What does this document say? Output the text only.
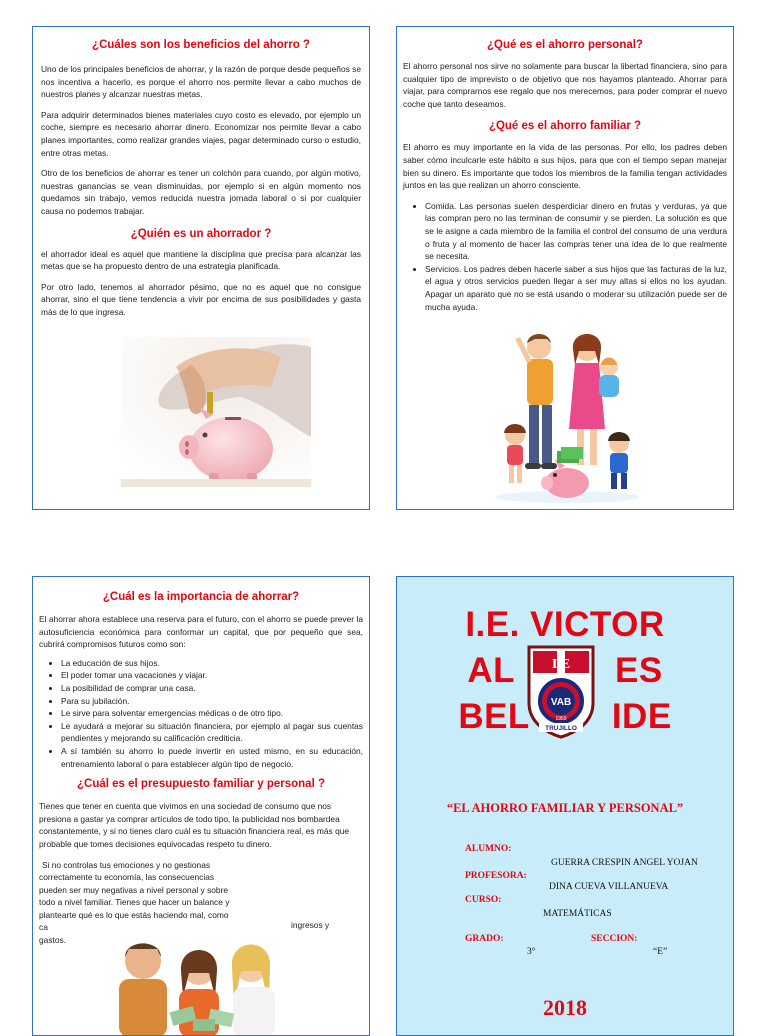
¿Cuáles son los beneficios del ahorro ?

Uno de los principales beneficios de ahorrar, y la razón de porque desde pequeños se nos incentiva a hacerlo, es porque el ahorro nos permite llevar a cabo muchos de nuestros planes y alcanzar nuestras metas.

Para adquirir determinados bienes materiales cuyo costo es elevado, por ejemplo un coche, siempre es necesario ahorrar dinero. Economizar nos permite llevar a cabo planes importantes, como realizar grandes viajes, pagar determinado curso o estudio, entre otras metas.

Otro de los beneficios de ahorrar es tener un colchón para cuando, por algún motivo, nuestras ganancias se vean disminuidas, por ejemplo si en algún momento nos quedamos sin trabajo, vemos reducida nuestra jornada laboral o si por cualquier causa no podemos trabajar.

¿Quién es un ahorrador ?

el ahorrador ideal es aquel que mantiene la disciplina que precisa para alcanzar las metas que se ha propuesto dentro de una estrategia planificada.

Por otro lado, tenemos al ahorrador pésimo, que no es aquel que no consigue ahorrar, sino el que tiene tendencia a vivir por encima de sus posibilidades y gasta más de lo que ingresa.

¿Qué es el ahorro personal?

El ahorro personal nos sirve no solamente para buscar la libertad financiera, sino para cualquier tipo de imprevisto o de objetivo que nos hayamos planteado. Ahorrar para viajar, para comprarnos ese regalo que nos merecemos, para poder comprar el nuevo coche que tanto deseamos.

¿Qué es el ahorro familiar ?

El ahorro es muy importante en la vida de las personas. Por ello, los padres deben saber cómo inculcarle este hábito a sus hijos, para que con el tiempo sepan manejar bien su dinero. Es importante que todos los miembros de la familia tengan actividades juntos en las que realizan un ahorro consciente.

• Comida. Las personas suelen desperdiciar dinero en frutas y verduras, ya que las compran pero no las terminan de consumir y se pierden. La solución es que se le asigne a cada miembro de la familia el control del consumo de una verdura o fruta y al momento de hacer las compras tener una idea de lo que realmente se necesita.
• Servicios. Los padres deben hacerle saber a sus hijos que las facturas de la luz, el agua y otros servicios pueden llegar a ser muy altas si ellos no los ayudan. Apagar un aparato que no se está usando o moderar su utilización puede ser de mucha ayuda.

¿Cuál es la importancia de ahorrar?

El ahorrar ahora establece una reserva para el futuro, con el ahorro se puede prever la autosuficiencia económica para conformar un capital, que por pequeño que sea, cubrirá compromisos futuros como son:

• La educación de sus hijos.
• El poder tomar una vacaciones y viajar.
• La posibilidad de comprar una casa.
• Para su jubilación.
• Le sirve para solventar emergencias médicas o de otro tipo.
• Le ayudará a mejorar su situación financiera, por ejemplo al pagar sus cuentas pendientes y mejorando su calificación crediticia.
• A sí también su ahorro lo puede invertir en usted mismo, en su educación, entrenamiento laboral o para establecer algún tipo de negocio.

¿Cuál es el presupuesto familiar y personal ?

Tienes que tener en cuenta que vivimos en una sociedad de consumo que nos presiona a gastar ya comprar artículos de todo tipo, la publicidad nos bombardea constantemente, y si no tienes claro cuál es tu situación financiera real, es más que probable que tomes decisiones equivocadas respeto tu dinero.

Si no controlas tus emociones y no gestionas correctamente tu economía, las consecuencias pueden ser muy negativas a nivel personal y sobre todo a nivel familiar. Tienes que hacer un balance y plantearte qué es lo que estás haciendo mal, como ca

gastos.

ingresos y
I.E. VICTOR
AL	ES
BEL IDE
I E
VAB
1959
TRUJILLO
“EL AHORRO FAMILIAR Y PERSONAL”
ALUMNO:
GUERRA CRESPIN ANGEL YOJAN
PROFESORA:
DINA CUEVA VILLANUEVA
CURSO:
MATEMÁTICAS
GRADO:
3°
SECCION:
“E”
2018
